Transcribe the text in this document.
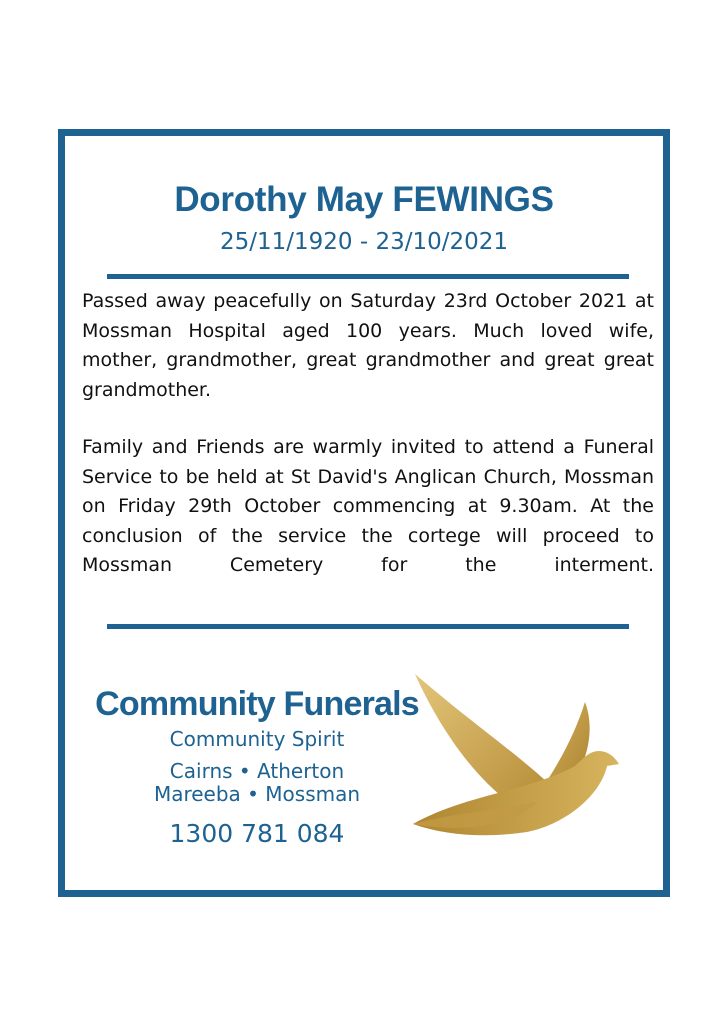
Dorothy May FEWINGS
25/11/1920 - 23/10/2021

Passed away peacefully on Saturday 23rd October 2021 at Mossman Hospital aged 100 years. Much loved wife, mother, grandmother, great grandmother and great great grandmother.

Family and Friends are warmly invited to attend a Funeral Service to be held at St David's Anglican Church, Mossman on Friday 29th October commencing at 9.30am. At the conclusion of the service the cortege will proceed to Mossman Cemetery for the interment.

Community Funerals
Community Spirit
Cairns • Atherton
Mareeba • Mossman
1300 781 084
